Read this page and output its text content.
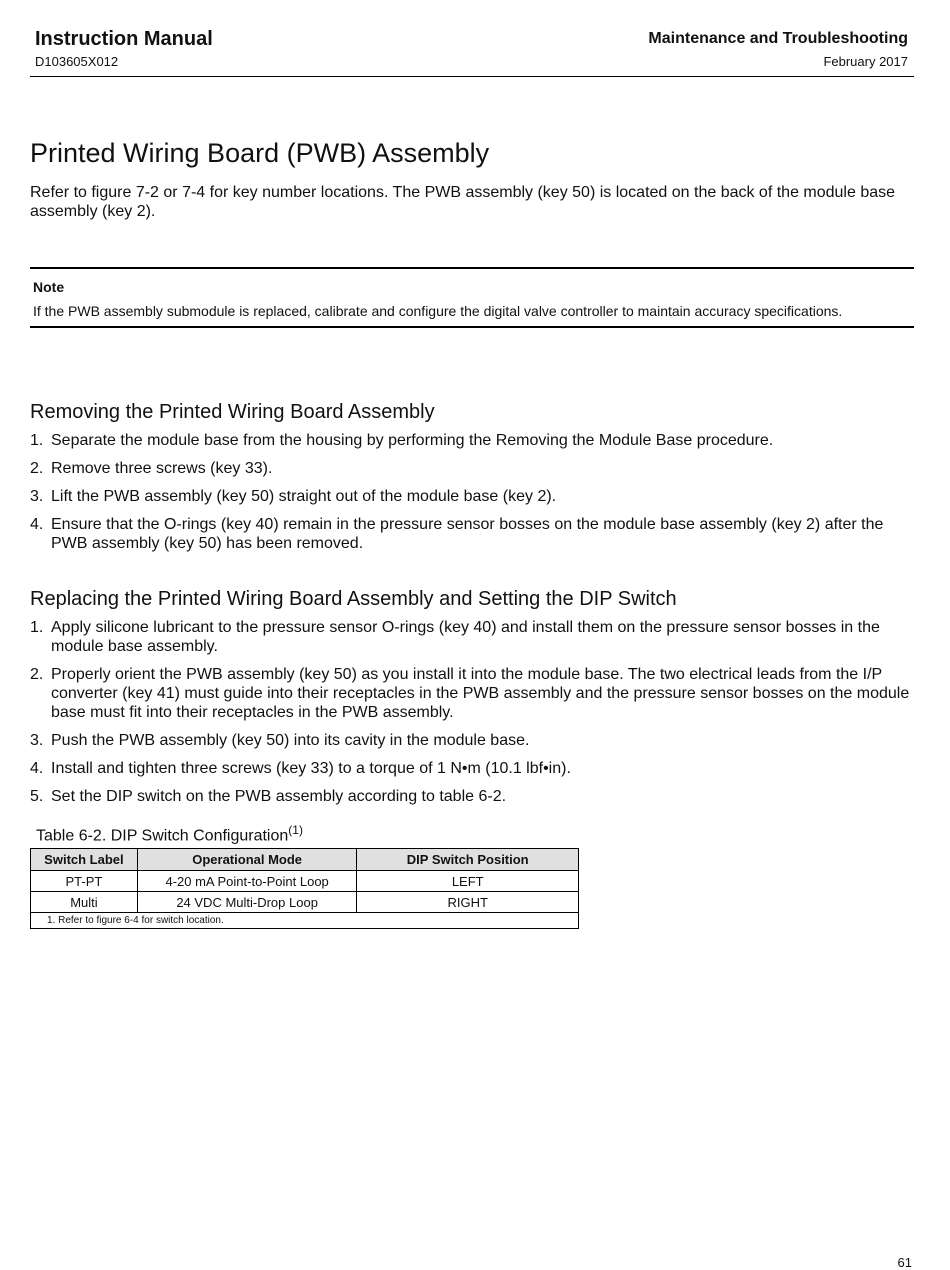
Instruction Manual
D103605X012
Maintenance and Troubleshooting
February 2017
Printed Wiring Board (PWB) Assembly

Refer to figure 7-2 or 7-4 for key number locations. The PWB assembly (key 50) is located on the back of the module base assembly (key 2).

Note
If the PWB assembly submodule is replaced, calibrate and configure the digital valve controller to maintain accuracy specifications.
Removing the Printed Wiring Board Assembly
1. Separate the module base from the housing by performing the Removing the Module Base procedure.
2. Remove three screws (key 33).
3. Lift the PWB assembly (key 50) straight out of the module base (key 2).
4. Ensure that the O-rings (key 40) remain in the pressure sensor bosses on the module base assembly (key 2) after the PWB assembly (key 50) has been removed.
Replacing the Printed Wiring Board Assembly and Setting the DIP Switch
1. Apply silicone lubricant to the pressure sensor O-rings (key 40) and install them on the pressure sensor bosses in the module base assembly.
2. Properly orient the PWB assembly (key 50) as you install it into the module base. The two electrical leads from the I/P converter (key 41) must guide into their receptacles in the PWB assembly and the pressure sensor bosses on the module base must fit into their receptacles in the PWB assembly.
3. Push the PWB assembly (key 50) into its cavity in the module base.
4. Install and tighten three screws (key 33) to a torque of 1 N•m (10.1 lbf•in).
5. Set the DIP switch on the PWB assembly according to table 6-2.
Table 6-2. DIP Switch Configuration$^{(1)}$
Switch Label	Operational Mode	DIP Switch Position
PT-PT	4-20 mA Point-to-Point Loop	LEFT
Multi	24 VDC Multi-Drop Loop	RIGHT
1. Refer to figure 6-4 for switch location.		
61
